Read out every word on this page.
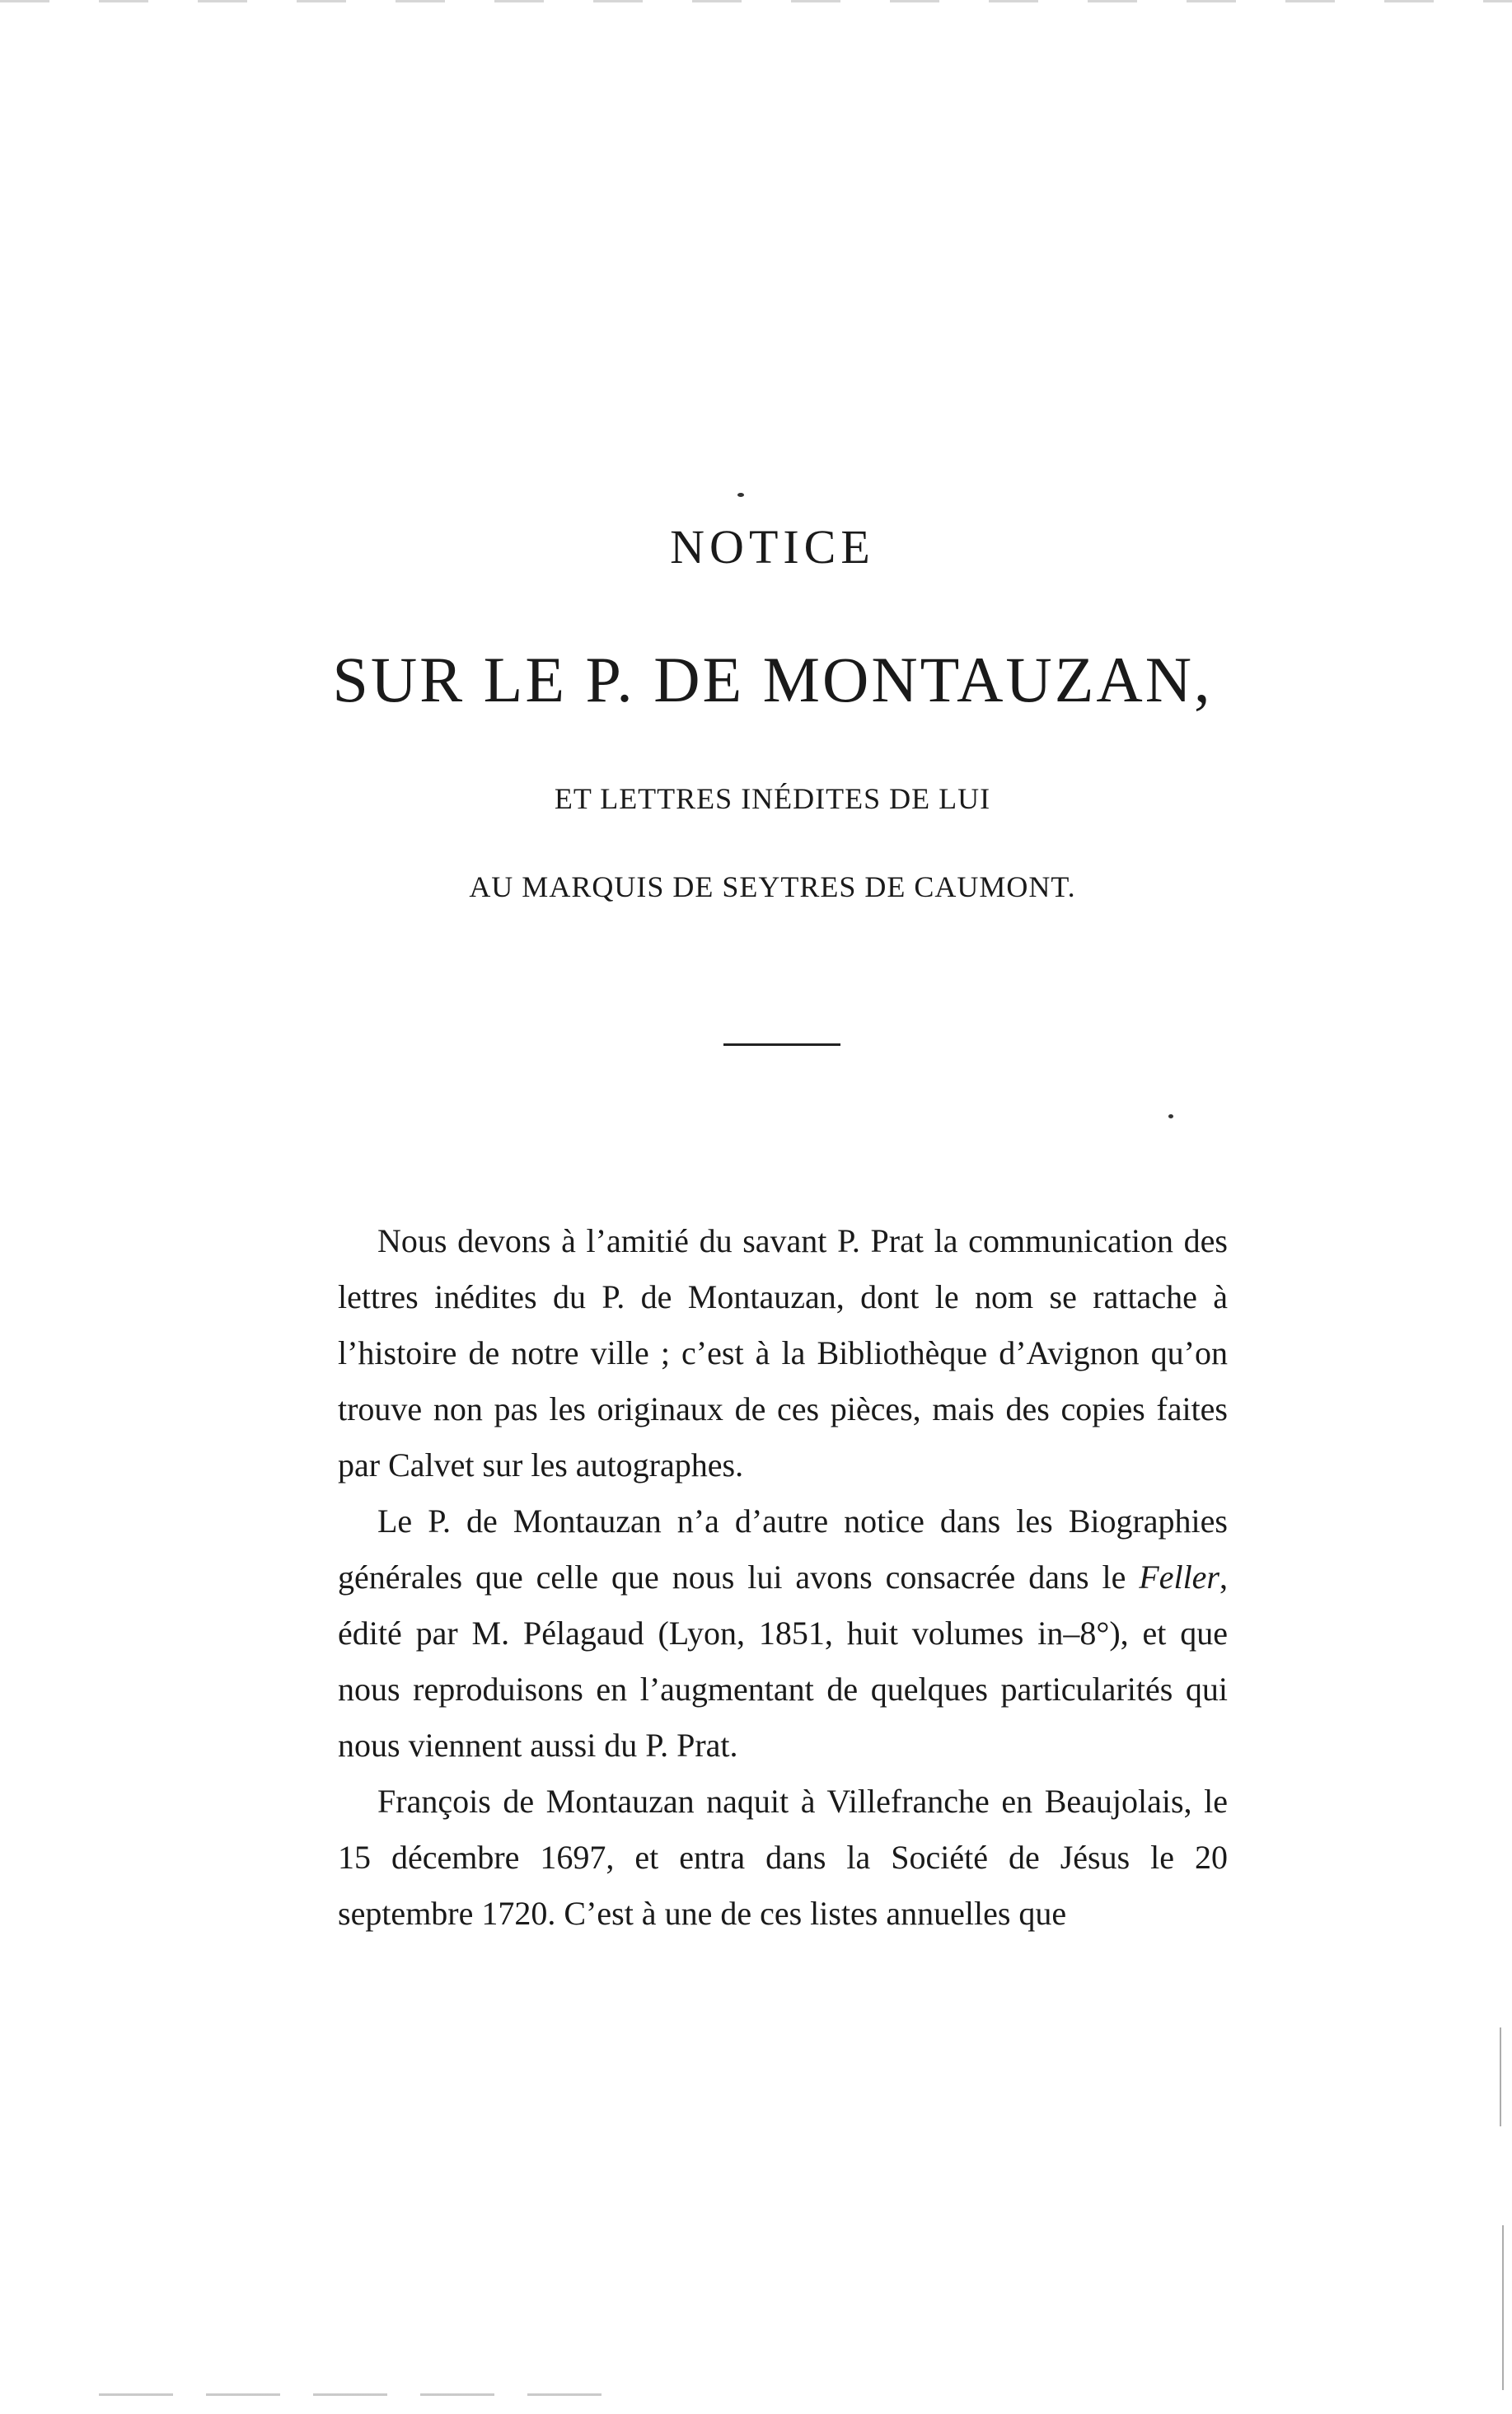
NOTICE
SUR LE P. DE MONTAUZAN,
ET LETTRES INÉDITES DE LUI
AU MARQUIS DE SEYTRES DE CAUMONT.

Nous devons à l’amitié du savant P. Prat la communication des lettres inédites du P. de Montauzan, dont le nom se rattache à l’histoire de notre ville ; c’est à la Bibliothèque d’Avignon qu’on trouve non pas les originaux de ces pièces, mais des copies faites par Calvet sur les autographes.

Le P. de Montauzan n’a d’autre notice dans les Biographies générales que celle que nous lui avons consacrée dans le Feller, édité par M. Pélagaud (Lyon, 1851, huit volumes in–8°), et que nous reproduisons en l’augmentant de quelques particularités qui nous viennent aussi du P. Prat.

François de Montauzan naquit à Villefranche en Beaujolais, le 15 décembre 1697, et entra dans la Société de Jésus le 20 septembre 1720. C’est à une de ces listes annuelles que
